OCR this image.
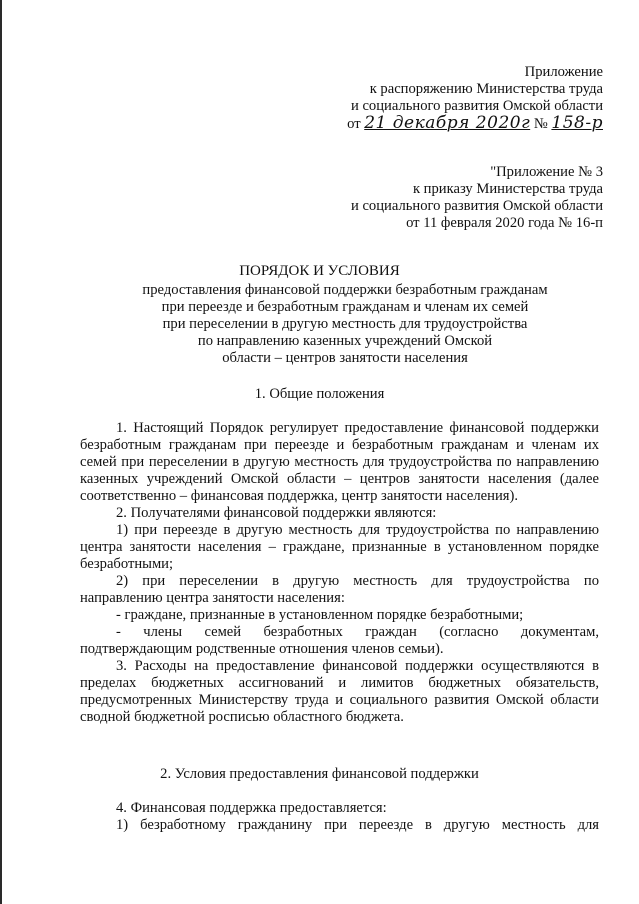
Приложение
к распоряжению Министерства труда
и социального развития Омской области
от 21 декабря 2020г № 158-р
"Приложение № 3
к приказу Министерства труда
и социального развития Омской области
от 11 февраля 2020 года № 16-п
ПОРЯДОК И УСЛОВИЯ
предоставления финансовой поддержки безработным гражданам
при переезде и безработным гражданам и членам их семей
при переселении в другую местность для трудоустройства
по направлению казенных учреждений Омской
области – центров занятости населения
1. Общие положения

1. Настоящий Порядок регулирует предоставление финансовой поддержки безработным гражданам при переезде и безработным гражданам и членам их семей при переселении в другую местность для трудоустройства по направлению казенных учреждений Омской области – центров занятости населения (далее соответственно – финансовая поддержка, центр занятости населения).

2. Получателями финансовой поддержки являются:

1) при переезде в другую местность для трудоустройства по направлению центра занятости населения – граждане, признанные в установленном порядке безработными;

2) при переселении в другую местность для трудоустройства по направлению центра занятости населения:

- граждане, признанные в установленном порядке безработными;

- члены семей безработных граждан (согласно документам, подтверждающим родственные отношения членов семьи).

3. Расходы на предоставление финансовой поддержки осуществляются в пределах бюджетных ассигнований и лимитов бюджетных обязательств, предусмотренных Министерству труда и социального развития Омской области сводной бюджетной росписью областного бюджета.

2. Условия предоставления финансовой поддержки

4. Финансовая поддержка предоставляется:

1) безработному гражданину при переезде в другую местность для
